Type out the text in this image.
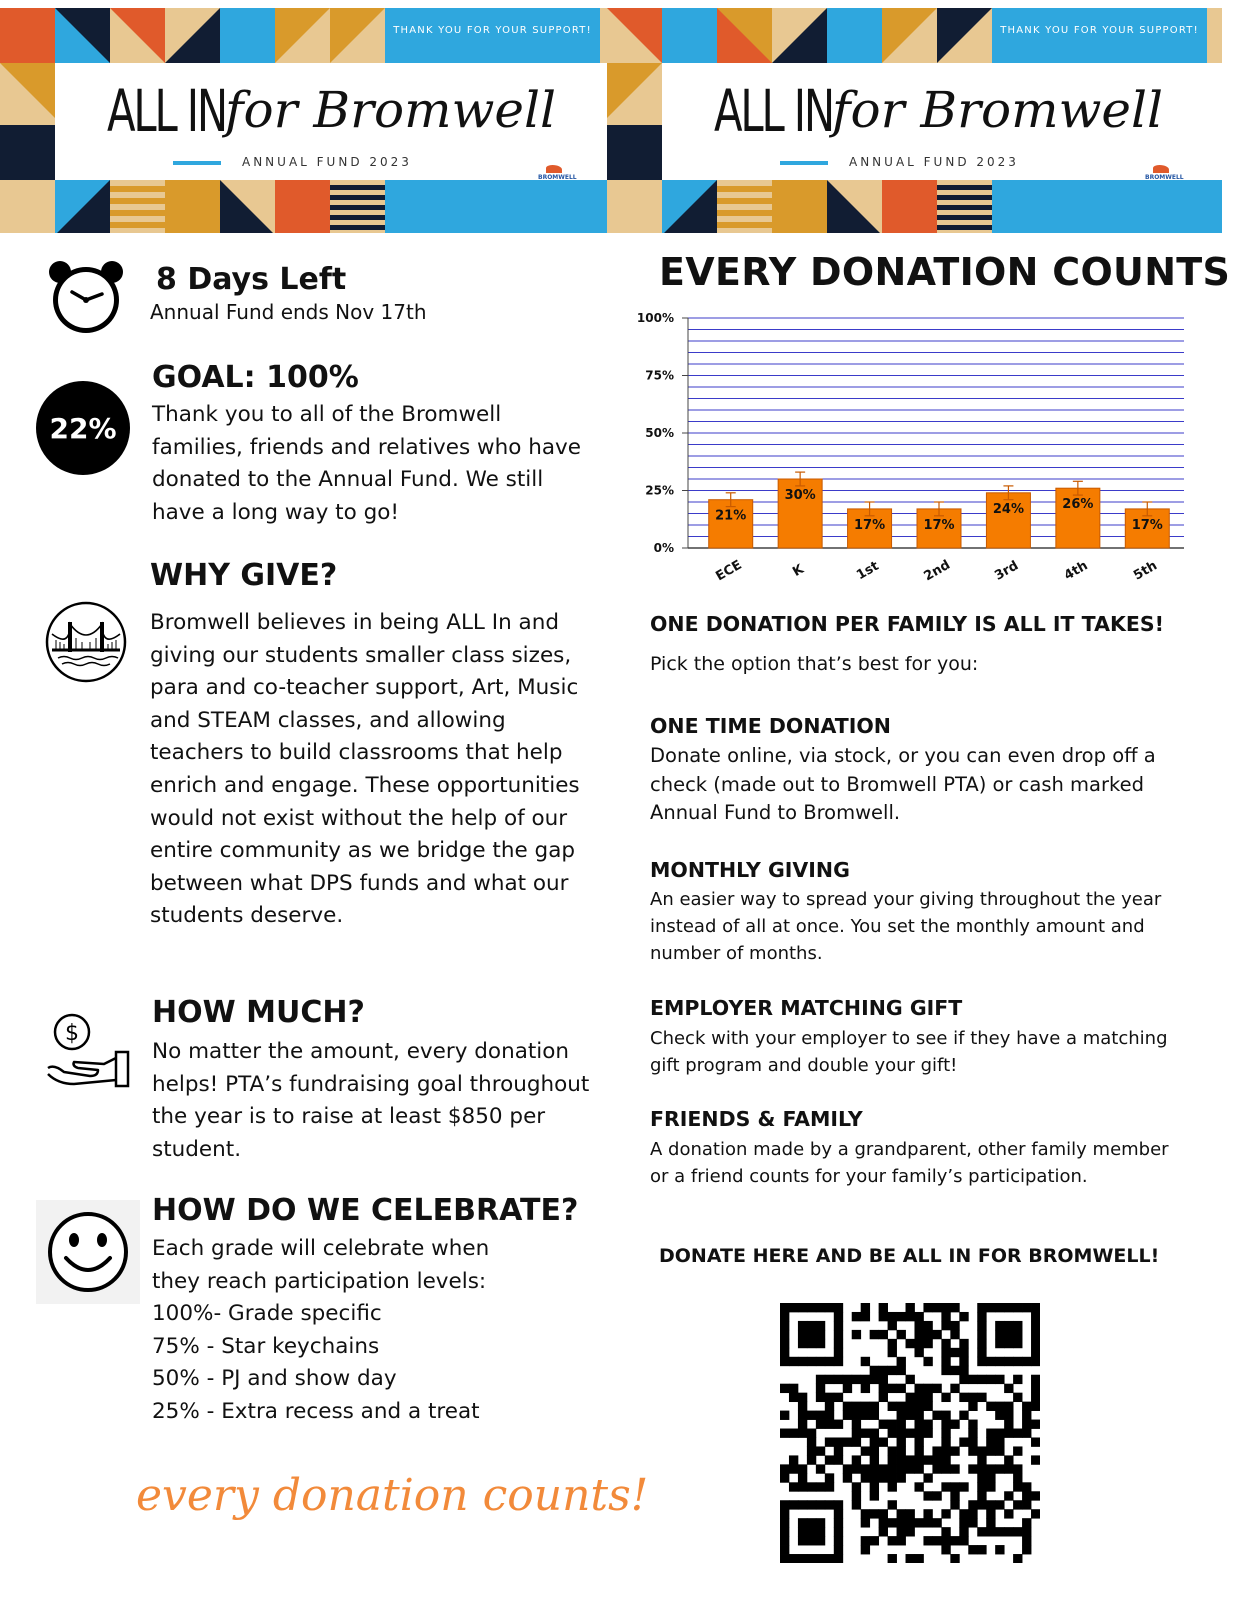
THANK YOU FOR YOUR SUPPORT!
ALL IN for Bromwell
ANNUAL FUND 2023
BROMWELL
THANK YOU FOR YOUR SUPPORT!
ALL IN for Bromwell
ANNUAL FUND 2023
BROMWELL
8 Days Left
Annual Fund ends Nov 17th
22%
GOAL: 100%
Thank you to all of the Bromwell families, friends and relatives who have donated to the Annual Fund. We still have a long way to go!
WHY GIVE?
Bromwell believes in being ALL In and giving our students smaller class sizes, para and co-teacher support, Art, Music and STEAM classes, and allowing teachers to build classrooms that help enrich and engage. These opportunities would not exist without the help of our entire community as we bridge the gap between what DPS funds and what our students deserve.
$
HOW MUCH?
No matter the amount, every donation helps! PTA’s fundraising goal throughout the year is to raise at least $850 per student.
HOW DO WE CELEBRATE?
Each grade will celebrate when
they reach participation levels:
100%- Grade specific
75% - Star keychains
50% - PJ and show day
25% - Extra recess and a treat
every donation counts!
EVERY DONATION COUNTS
0%
25%
50%
75%
100%
21%
ECE
30%
K
17%
1st
17%
2nd
24%
3rd
26%
4th
17%
5th
ONE DONATION PER FAMILY IS ALL IT TAKES!
Pick the option that’s best for you:
ONE TIME DONATION
Donate online, via stock, or you can even drop off a check (made out to Bromwell PTA) or cash marked Annual Fund to Bromwell.
MONTHLY GIVING
An easier way to spread your giving throughout the year instead of all at once. You set the monthly amount and number of months.
EMPLOYER MATCHING GIFT
Check with your employer to see if they have a matching gift program and double your gift!
FRIENDS & FAMILY
A donation made by a grandparent, other family member or a friend counts for your family’s participation.
DONATE HERE AND BE ALL IN FOR BROMWELL!
